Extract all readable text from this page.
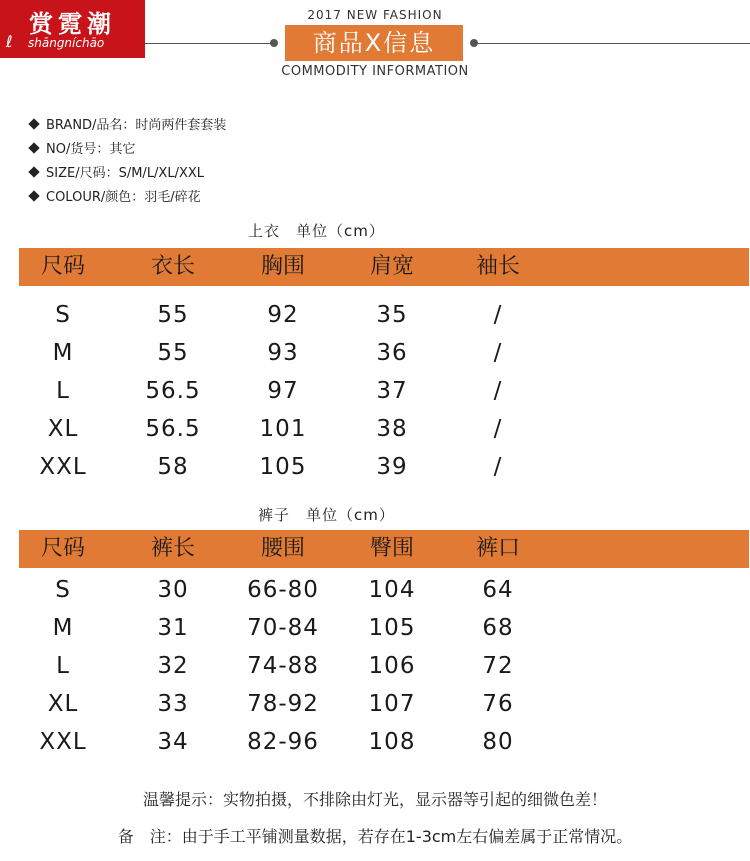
赏霓潮
ℓ shāngníchāo
2017 NEW FASHION
商品X信息
COMMODITY INFORMATION
BRAND/品名：时尚两件套套装
NO/货号：其它
SIZE/尺码：S/M/L/XL/XXL
COLOUR/颜色：羽毛/碎花
上衣　单位（cm）
尺码	衣长	胸围	肩宽	袖长
S	55	92	35	/
M	55	93	36	/
L	56.5	97	37	/
XL	56.5	101	38	/
XXL	58	105	39	/
裤子　单位（cm）
尺码	裤长	腰围	臀围	裤口
S	30	66-80	104	64
M	31	70-84	105	68
L	32	74-88	106	72
XL	33	78-92	107	76
XXL	34	82-96	108	80
温馨提示：实物拍摄，不排除由灯光，显示器等引起的细微色差！
备　注：由于手工平铺测量数据，若存在1-3cm左右偏差属于正常情况。
